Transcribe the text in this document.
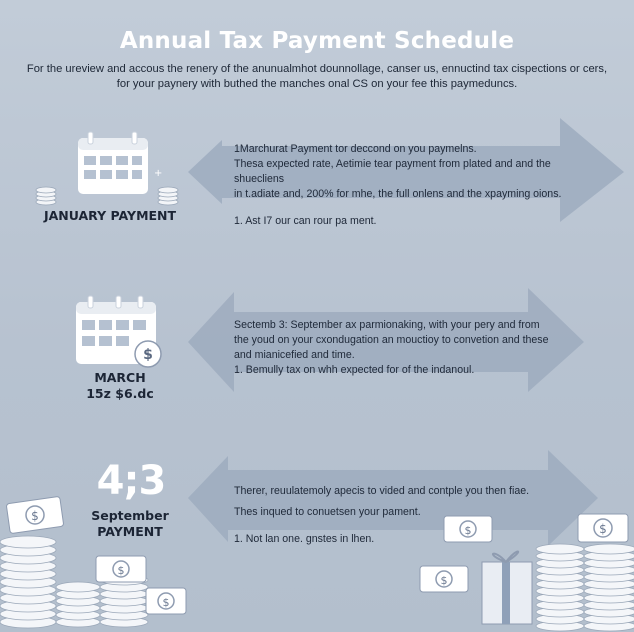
Annual Tax Payment Schedule

For the ureview and accous the renery of the anunualmhot dounnollage, canser us, ennuctind tax cispections or cers,

for your paynery with buthed the manches onal CS on your fee this paymeduncs.

+
JANUARY PAYMENT

1Marchurat Payment tor deccond on you paymelns.

Thesa expected rate, Aetimie tear payment from plated and and the shuecliens

in t.adiate and, 200% for mhe, the full onlens and the xpayming oions.

1. Ast I7 our can rour pa ment.

$
MARCH
15z $6.dc

Sectemb 3: September ax parmionaking, with your pery and from

the youd on your cxondugation an mouctioy to convetion and these

and mianicefied and time.

1. Bemully tax on whh expected for of the indanoul.

Therer, reuulatemoly apecis to vided and contple you then fiae.

Thes inqued to conuetsen your pament.

1. Not lan one. gnstes in lhen.

4;3
September
PAYMENT
$
$
$
$
$
$
